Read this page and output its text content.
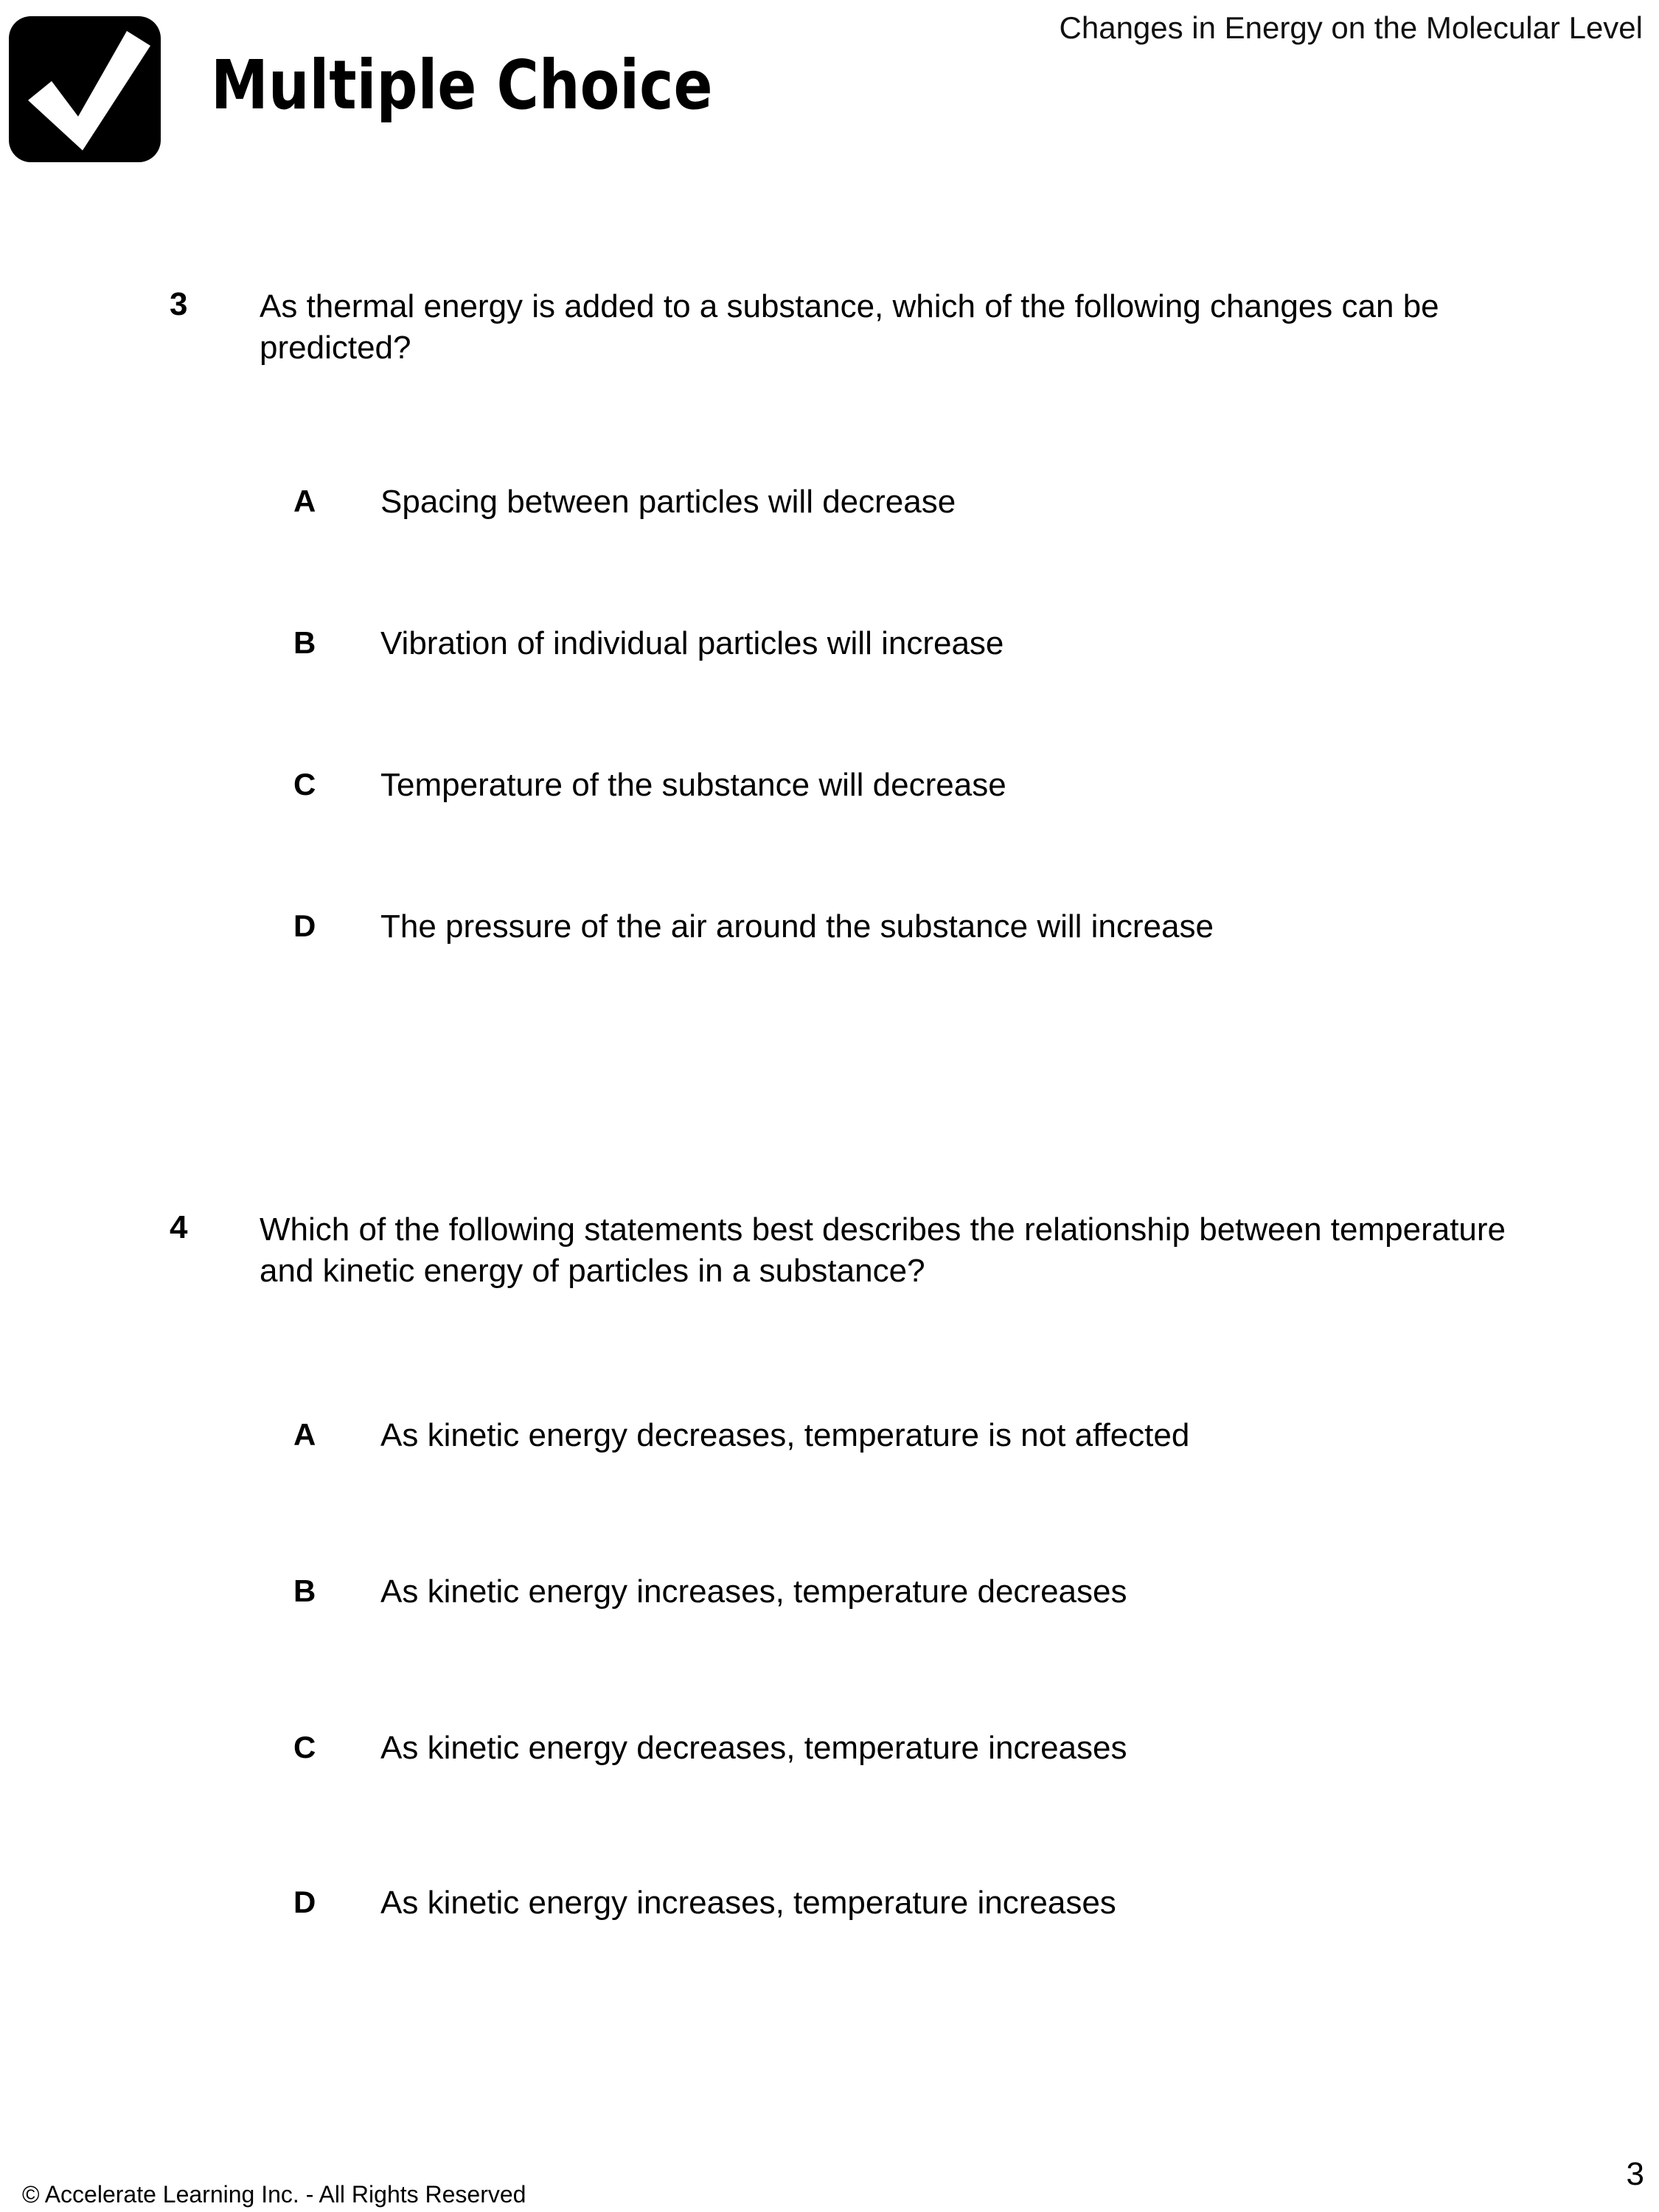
Changes in Energy on the Molecular Level
Multiple Choice
3 As thermal energy is added to a substance, which of the following changes can be predicted?
A Spacing between particles will decrease
B Vibration of individual particles will increase
C Temperature of the substance will decrease
D The pressure of the air around the substance will increase
4 Which of the following statements best describes the relationship between temperature and kinetic energy of particles in a substance?
A As kinetic energy decreases, temperature is not affected
B As kinetic energy increases, temperature decreases
C As kinetic energy decreases, temperature increases
D As kinetic energy increases, temperature increases
© Accelerate Learning Inc. - All Rights Reserved
3
